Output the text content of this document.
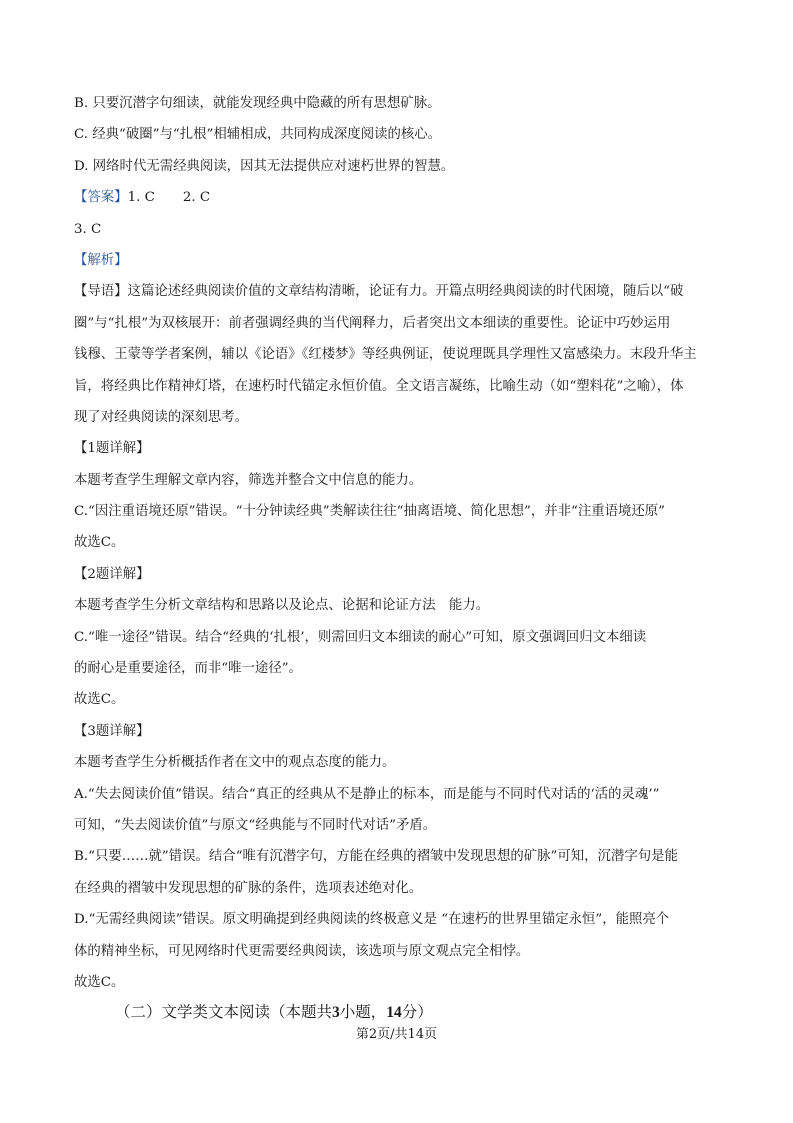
B. 只要沉潜字句细读，就能发现经典中隐藏的所有思想矿脉。
C. 经典“破圈”与“扎根”相辅相成，共同构成深度阅读的核心。
D. 网络时代无需经典阅读，因其无法提供应对速朽世界的智慧。
【答案】1. C 2. C
3. C
【解析】
【导语】这篇论述经典阅读价值的文章结构清晰，论证有力。开篇点明经典阅读的时代困境，随后以“破
圈”与“扎根”为双核展开：前者强调经典的当代阐释力，后者突出文本细读的重要性。论证中巧妙运用
钱穆、王蒙等学者案例，辅以《论语》《红楼梦》等经典例证，使说理既具学理性又富感染力。末段升华主
旨，将经典比作精神灯塔，在速朽时代锚定永恒价值。全文语言凝练，比喻生动（如“塑料花”之喻），体
现了对经典阅读的深刻思考。
【1题详解】
本题考查学生理解文章内容，筛选并整合文中信息的能力。
C.“因注重语境还原”错误。“十分钟读经典”类解读往往“抽离语境、简化思想”，并非“注重语境还原”
故选C。
【2题详解】
本题考查学生分析文章结构和思路以及论点、论据和论证方法　能力。
C.“唯一途径”错误。结合“经典的‘扎根’，则需回归文本细读的耐心”可知，原文强调回归文本细读
的耐心是重要途径，而非“唯一途径”。
故选C。
【3题详解】
本题考查学生分析概括作者在文中的观点态度的能力。
A.“失去阅读价值”错误。结合“真正的经典从不是静止的标本，而是能与不同时代对话的‘活的灵魂’”
可知，“失去阅读价值”与原文“经典能与不同时代对话”矛盾。
B.“只要……就”错误。结合“唯有沉潜字句，方能在经典的褶皱中发现思想的矿脉”可知，沉潜字句是能
在经典的褶皱中发现思想的矿脉的条件，选项表述绝对化。
D.“无需经典阅读”错误。原文明确提到经典阅读的终极意义是 “在速朽的世界里锚定永恒”，能照亮个
体的精神坐标，可见网络时代更需要经典阅读，该选项与原文观点完全相悖。
故选C。
（二）文学类文本阅读（本题共3小题，14分）
第2页/共14页
